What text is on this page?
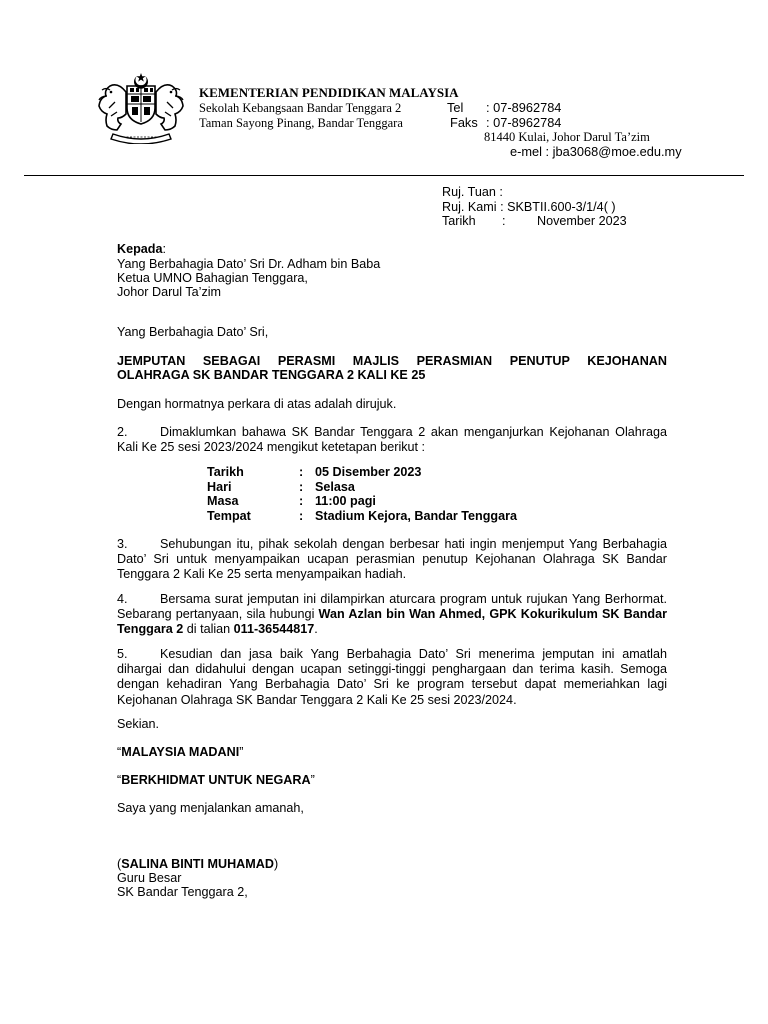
KEMENTERIAN PENDIDIKAN MALAYSIA
Sekolah Kebangsaan Bandar Tenggara 2
Taman Sayong Pinang, Bandar Tenggara
Tel : 07-8962784
Faks : 07-8962784
81440 Kulai, Johor Darul Ta’zim
e-mel : jba3068@moe.edu.my
Ruj. Tuan :
Ruj. Kami : SKBTII.600-3/1/4( )
Tarikh :	November 2023
Kepada:
Yang Berbahagia Dato’ Sri Dr. Adham bin Baba
Ketua UMNO Bahagian Tenggara,
Johor Darul Ta’zim
Yang Berbahagia Dato’ Sri,
JEMPUTAN SEBAGAI PERASMI MAJLIS PERASMIAN PENUTUP KEJOHANAN
OLAHRAGA SK BANDAR TENGGARA 2 KALI KE 25
Dengan hormatnya perkara di atas adalah dirujuk.
2.	Dimaklumkan bahawa SK Bandar Tenggara 2 akan menganjurkan Kejohanan Olahraga Kali Ke 25 sesi 2023/2024 mengikut ketetapan berikut :
Tarikh	:	05 Disember 2023
Hari	:	Selasa
Masa	:	11:00 pagi
Tempat	:	Stadium Kejora, Bandar Tenggara
3.	Sehubungan itu, pihak sekolah dengan berbesar hati ingin menjemput Yang Berbahagia Dato’ Sri untuk menyampaikan ucapan perasmian penutup Kejohanan Olahraga SK Bandar Tenggara 2 Kali Ke 25 serta menyampaikan hadiah.
4.	Bersama surat jemputan ini dilampirkan aturcara program untuk rujukan Yang Berhormat. Sebarang pertanyaan, sila hubungi Wan Azlan bin Wan Ahmed, GPK Kokurikulum SK Bandar Tenggara 2 di talian 011-36544817.
5.	Kesudian dan jasa baik Yang Berbahagia Dato’ Sri menerima jemputan ini amatlah dihargai dan didahului dengan ucapan setinggi-tinggi penghargaan dan terima kasih. Semoga dengan kehadiran Yang Berbahagia Dato’ Sri ke program tersebut dapat memeriahkan lagi Kejohanan Olahraga SK Bandar Tenggara 2 Kali Ke 25 sesi 2023/2024.
Sekian.
“MALAYSIA MADANI”
“BERKHIDMAT UNTUK NEGARA”
Saya yang menjalankan amanah,
(SALINA BINTI MUHAMAD)
Guru Besar
SK Bandar Tenggara 2,
